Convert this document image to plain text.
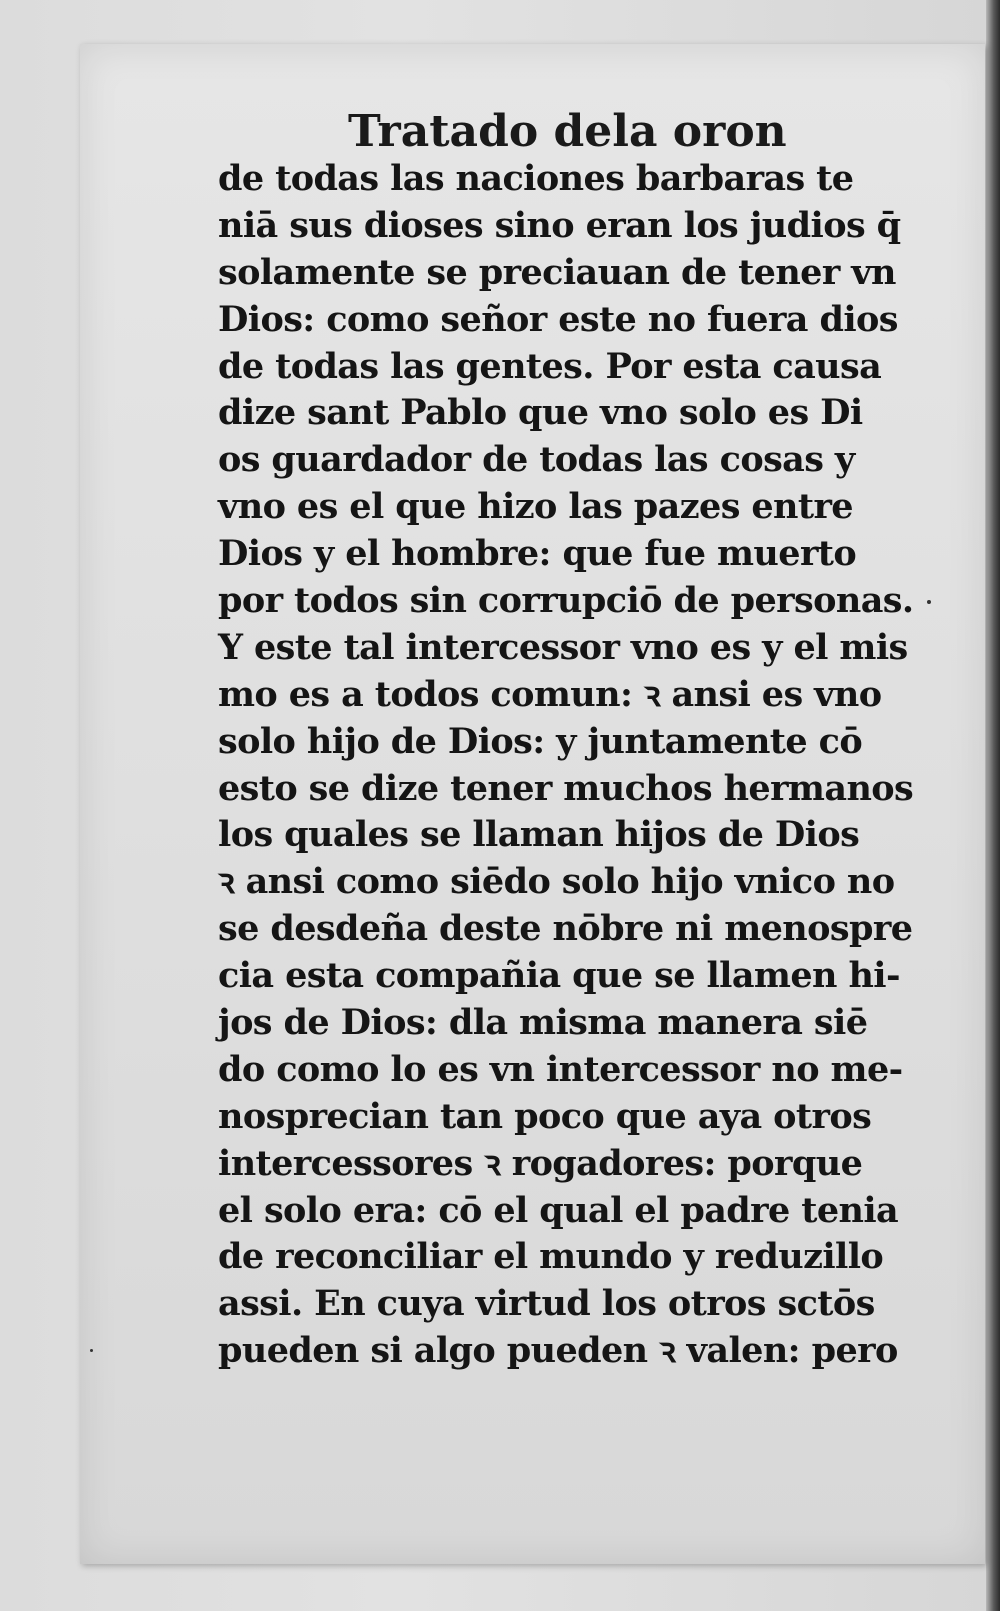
Tratado dela oron
de todas las naciones barbaras te
niā sus dioses sino eran los judios q̄
solamente se preciauan de tener vn
Dios: como señor este no fuera dios
de todas las gentes. Por esta causa
dize sant Pablo que vno solo es Di
os guardador de todas las cosas y
vno es el que hizo las pazes entre
Dios y el hombre: que fue muerto
por todos sin corrupciō de personas.
Y este tal intercessor vno es y el mis
mo es a todos comun: ꝛ ansi es vno
solo hijo de Dios: y juntamente cō
esto se dize tener muchos hermanos
los quales se llaman hijos de Dios
ꝛ ansi como siēdo solo hijo vnico no
se desdeña deste nōbre ni menospre
cia esta compañia que se llamen hi-
jos de Dios: dla misma manera siē
do como lo es vn intercessor no me-
nosprecian tan poco que aya otros
intercessores ꝛ rogadores: porque
el solo era: cō el qual el padre tenia
de reconciliar el mundo y reduzillo
assi. En cuya virtud los otros sctōs
pueden si algo pueden ꝛ valen: pero
